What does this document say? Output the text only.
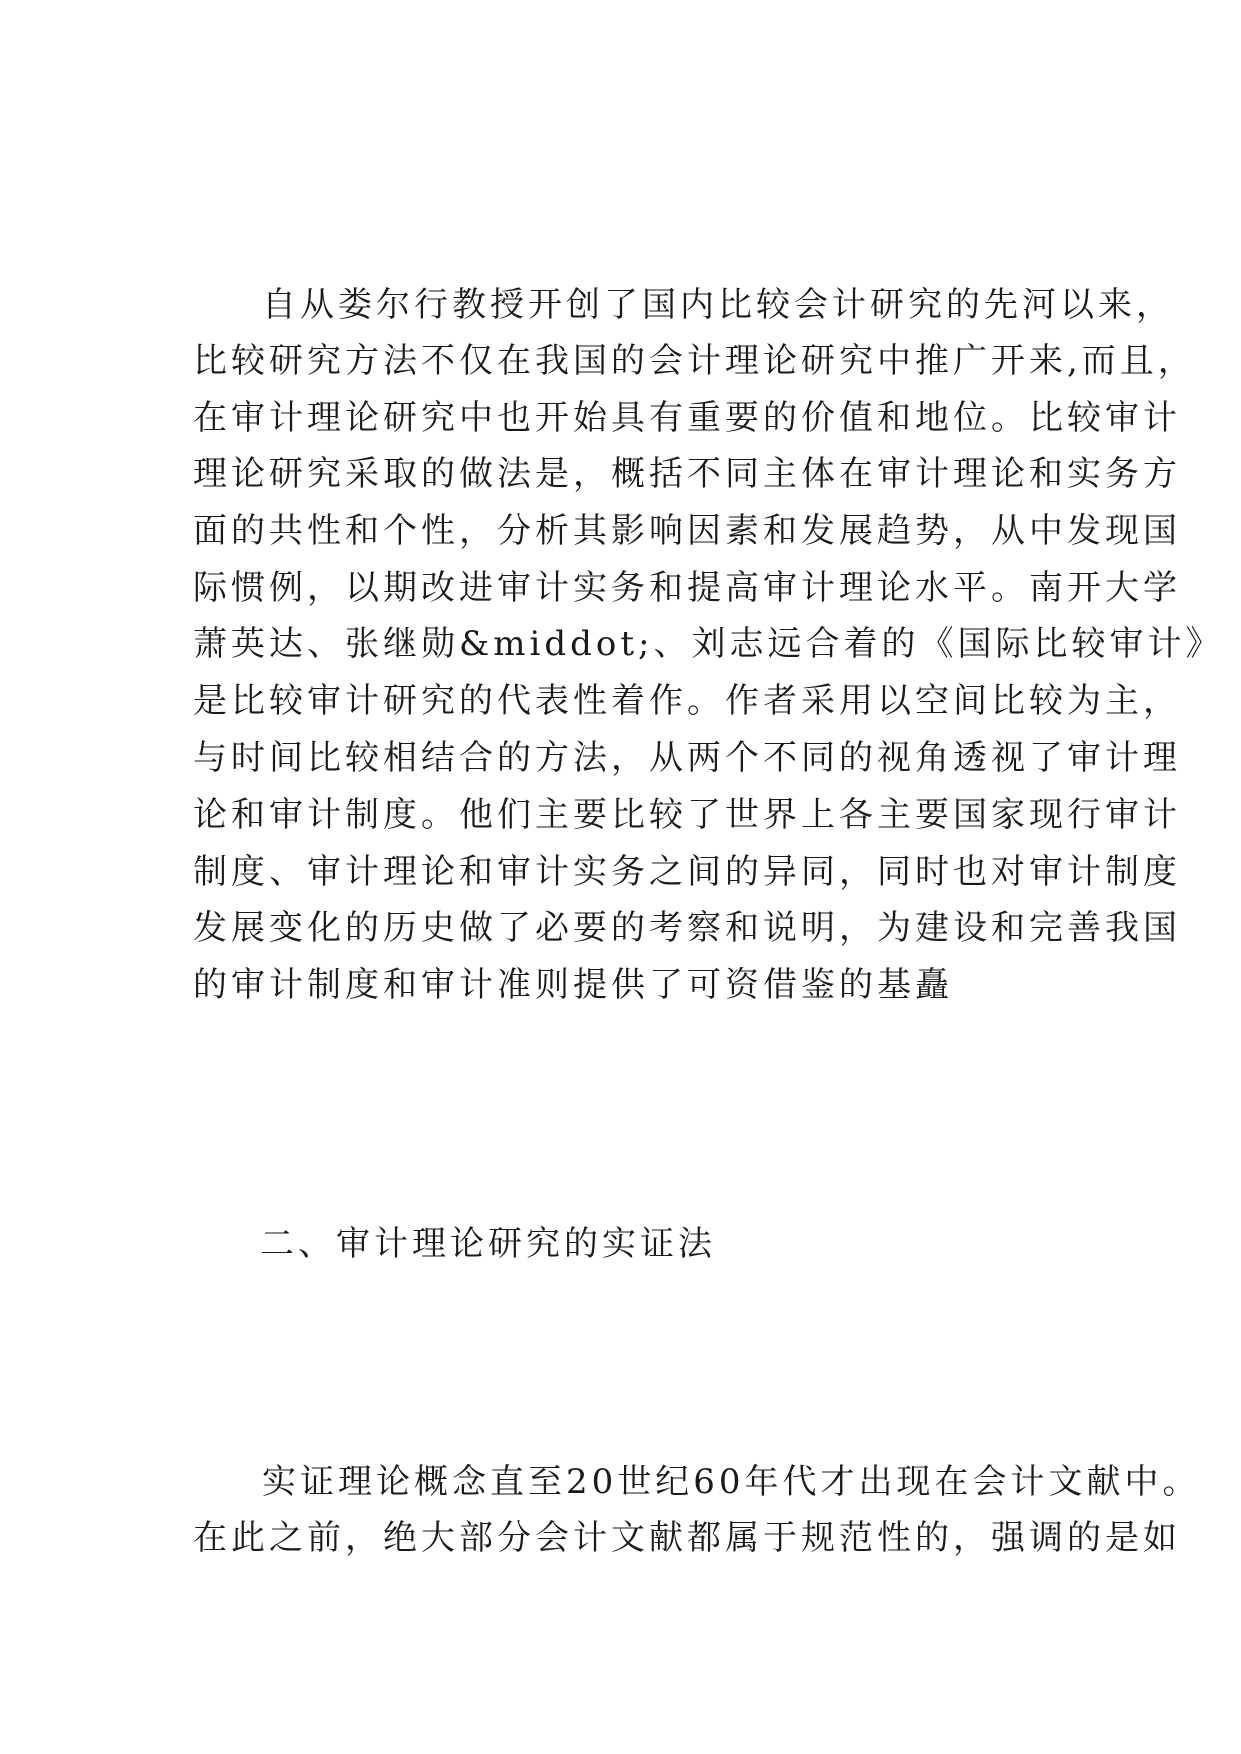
自从娄尔行教授开创了国内比较会计研究的先河以来，
比较研究方法不仅在我国的会计理论研究中推广开来,而且，
在审计理论研究中也开始具有重要的价值和地位。比较审计
理论研究采取的做法是，概括不同主体在审计理论和实务方
面的共性和个性，分析其影响因素和发展趋势，从中发现国
际惯例，以期改进审计实务和提高审计理论水平。南开大学
萧英达、张继勋&middot;、刘志远合着的《国际比较审计》
是比较审计研究的代表性着作。作者采用以空间比较为主，
与时间比较相结合的方法，从两个不同的视角透视了审计理
论和审计制度。他们主要比较了世界上各主要国家现行审计
制度、审计理论和审计实务之间的异同，同时也对审计制度
发展变化的历史做了必要的考察和说明，为建设和完善我国
的审计制度和审计准则提供了可资借鉴的基矗
二、审计理论研究的实证法
实证理论概念直至20世纪60年代才出现在会计文献中。
在此之前，绝大部分会计文献都属于规范性的，强调的是如
